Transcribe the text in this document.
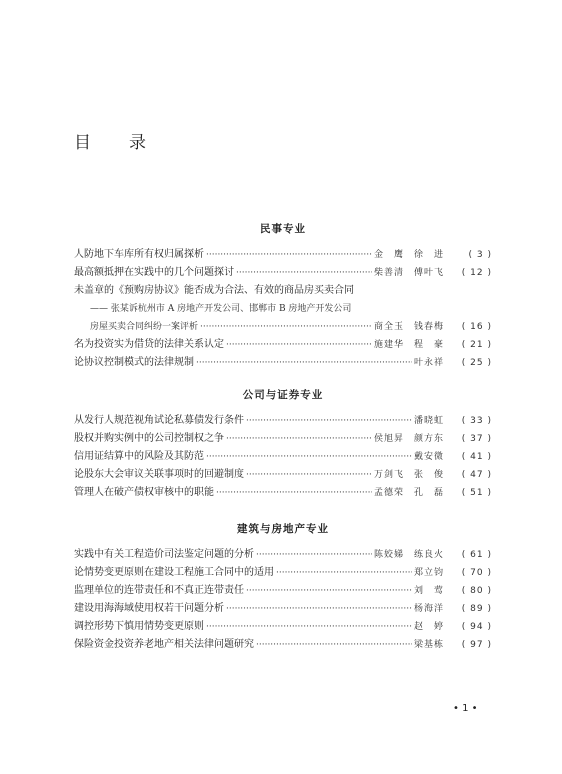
目 录
民事专业
人防地下车库所有权归属探析 ·····	金　鹰　徐　进	( 3 )
最高额抵押在实践中的几个问题探讨 ·····	柴善清　傅叶飞	( 12 )
未盖章的《预购房协议》能否成为合法、有效的商品房买卖合同
—— 张某诉杭州市 A 房地产开发公司、邯郸市 B 房地产开发公司
房屋买卖合同纠纷一案评析 ·····	商全玉　钱春梅	( 16 )
名为投资实为借贷的法律关系认定 ·····	施建华　程　豪	( 21 )
论协议控制模式的法律规制 ·····	叶永祥	( 25 )
公司与证券专业
从发行人规范视角试论私募债发行条件 ·····	潘晓虹	( 33 )
股权并购实例中的公司控制权之争 ·····	侯旭昇　颜方东	( 37 )
信用证结算中的风险及其防范 ·····	戴安微	( 41 )
论股东大会审议关联事项时的回避制度 ·····	万剑飞　张　俊	( 47 )
管理人在破产债权审核中的职能 ·····	孟德荣　孔　磊	( 51 )
建筑与房地产专业
实践中有关工程造价司法鉴定问题的分析 ·····	陈姣娣　练良火	( 61 )
论情势变更原则在建设工程施工合同中的适用 ·····	郑立钧	( 70 )
监理单位的连带责任和不真正连带责任 ·····	刘　莺	( 80 )
建设用海海域使用权若干问题分析 ·····	杨海洋	( 89 )
调控形势下慎用情势变更原则 ·····	赵　婷	( 94 )
保险资金投资养老地产相关法律问题研究 ·····	梁基栋	( 97 )
• 1 •
